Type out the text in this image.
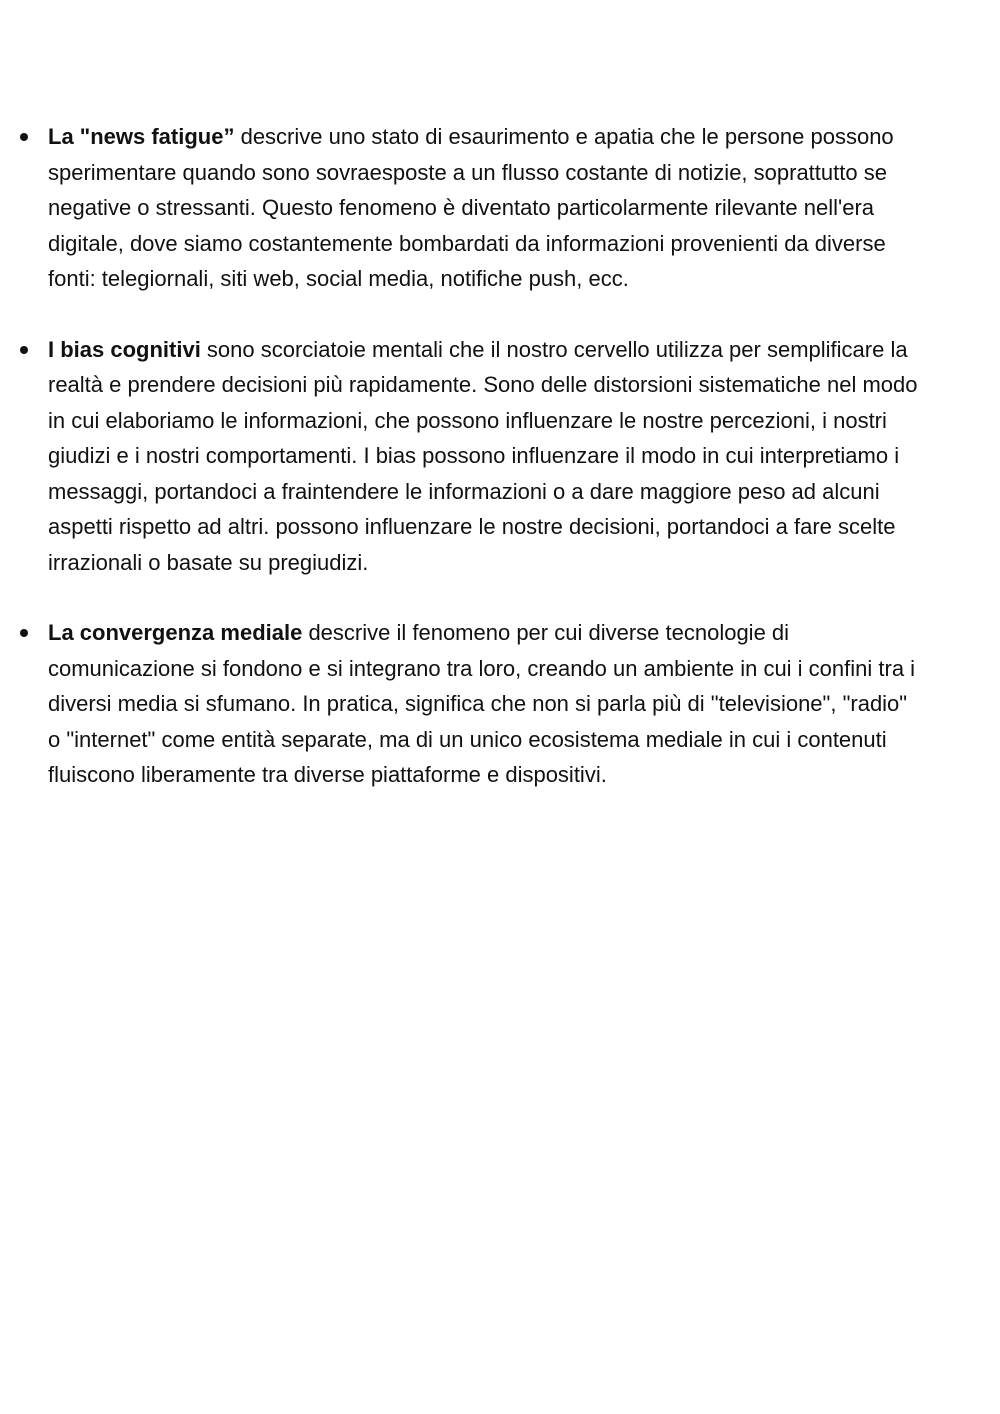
La "news fatigue” descrive uno stato di esaurimento e apatia che le persone possono sperimentare quando sono sovraesposte a un flusso costante di notizie, soprattutto se negative o stressanti. Questo fenomeno è diventato particolarmente rilevante nell'era digitale, dove siamo costantemente bombardati da informazioni provenienti da diverse fonti: telegiornali, siti web, social media, notifiche push, ecc.
I bias cognitivi sono scorciatoie mentali che il nostro cervello utilizza per semplificare la realtà e prendere decisioni più rapidamente. Sono delle distorsioni sistematiche nel modo in cui elaboriamo le informazioni, che possono influenzare le nostre percezioni, i nostri giudizi e i nostri comportamenti. I bias possono influenzare il modo in cui interpretiamo i messaggi, portandoci a fraintendere le informazioni o a dare maggiore peso ad alcuni aspetti rispetto ad altri. possono influenzare le nostre decisioni, portandoci a fare scelte irrazionali o basate su pregiudizi.
La convergenza mediale descrive il fenomeno per cui diverse tecnologie di comunicazione si fondono e si integrano tra loro, creando un ambiente in cui i confini tra i diversi media si sfumano. In pratica, significa che non si parla più di "televisione", "radio" o "internet" come entità separate, ma di un unico ecosistema mediale in cui i contenuti fluiscono liberamente tra diverse piattaforme e dispositivi.
